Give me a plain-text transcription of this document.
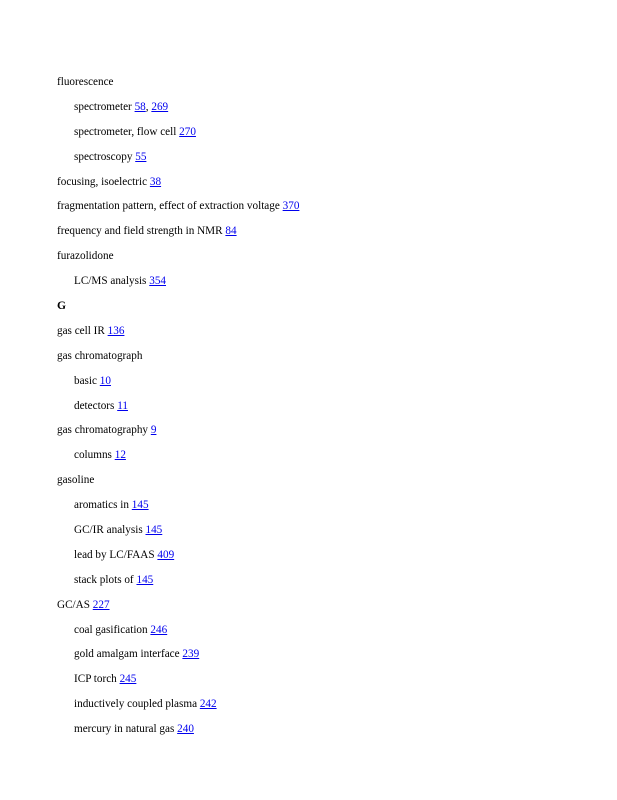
fluorescence
spectrometer 58, 269
spectrometer, flow cell 270
spectroscopy 55
focusing, isoelectric 38
fragmentation pattern, effect of extraction voltage 370
frequency and field strength in NMR 84
furazolidone
LC/MS analysis 354
G
gas cell IR 136
gas chromatograph
basic 10
detectors 11
gas chromatography 9
columns 12
gasoline
aromatics in 145
GC/IR analysis 145
lead by LC/FAAS 409
stack plots of 145
GC/AS 227
coal gasification 246
gold amalgam interface 239
ICP torch 245
inductively coupled plasma 242
mercury in natural gas 240
